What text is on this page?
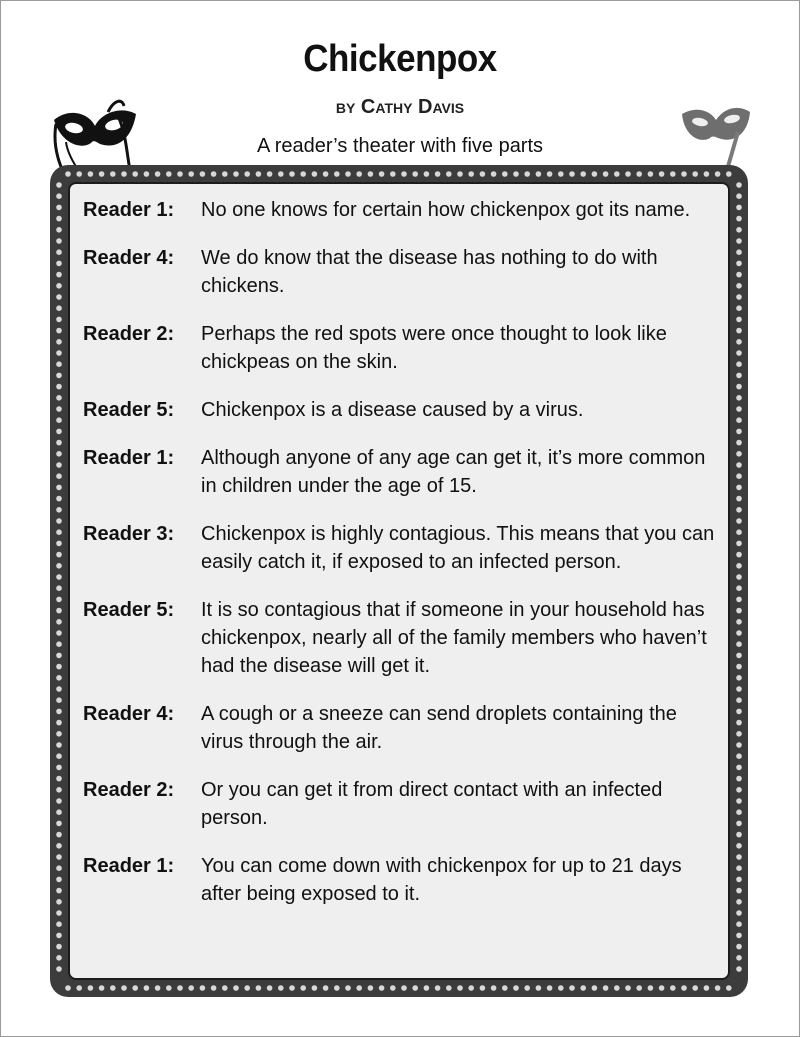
Chickenpox
by Cathy Davis
A reader’s theater with five parts
Reader 1:	No one knows for certain how chickenpox got its name.
Reader 4:	We do know that the disease has nothing to do with chickens.
Reader 2:	Perhaps the red spots were once thought to look like chickpeas on the skin.
Reader 5:	Chickenpox is a disease caused by a virus.
Reader 1:	Although anyone of any age can get it, it’s more common in children under the age of 15.
Reader 3:	Chickenpox is highly contagious. This means that you can easily catch it, if exposed to an infected person.
Reader 5:	It is so contagious that if someone in your household has chickenpox, nearly all of the family members who haven’t had the disease will get it.
Reader 4:	A cough or a sneeze can send droplets containing the virus through the air.
Reader 2:	Or you can get it from direct contact with an infected person.
Reader 1:	You can come down with chickenpox for up to 21 days after being exposed to it.
